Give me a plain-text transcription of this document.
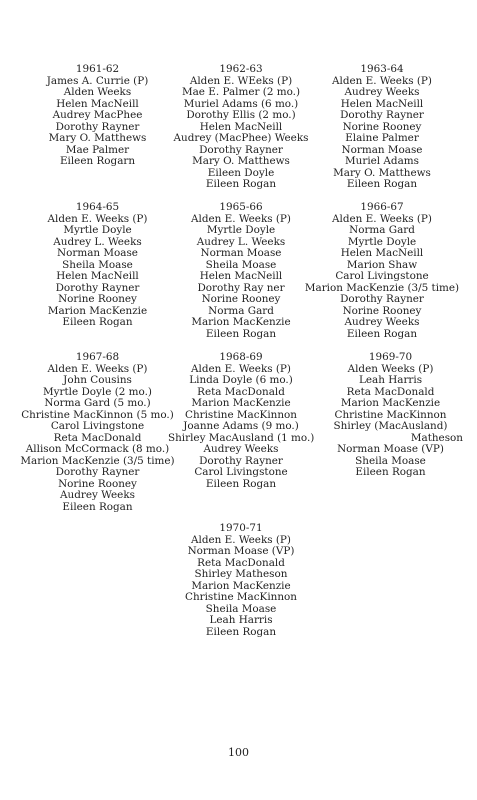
1961-62
James A. Currie (P)
Alden Weeks
Helen MacNeill
Audrey MacPhee
Dorothy Rayner
Mary O. Matthews
Mae Palmer
Eileen Rogarn
1962-63
Alden E. WEeks (P)
Mae E. Palmer (2 mo.)
Muriel Adams (6 mo.)
Dorothy Ellis (2 mo.)
Helen MacNeill
Audrey (MacPhee) Weeks
Dorothy Rayner
Mary O. Matthews
Eileen Doyle
Eileen Rogan
1963-64
Alden E. Weeks (P)
Audrey Weeks
Helen MacNeill
Dorothy Rayner
Norine Rooney
Elaine Palmer
Norman Moase
Muriel Adams
Mary O. Matthews
Eileen Rogan
1964-65
Alden E. Weeks (P)
Myrtle Doyle
Audrey L. Weeks
Norman Moase
Sheila Moase
Helen MacNeill
Dorothy Rayner
Norine Rooney
Marion MacKenzie
Eileen Rogan
1965-66
Alden E. Weeks (P)
Myrtle Doyle
Audrey L. Weeks
Norman Moase
Sheila Moase
Helen MacNeill
Dorothy Ray ner
Norine Rooney
Norma Gard
Marion MacKenzie
Eileen Rogan
1966-67
Alden E. Weeks (P)
Norma Gard
Myrtle Doyle
Helen MacNeill
Marion Shaw
Carol Livingstone
Marion MacKenzie (3/5 time)
Dorothy Rayner
Norine Rooney
Audrey Weeks
Eileen Rogan
1967-68
Alden E. Weeks (P)
John Cousins
Myrtle Doyle (2 mo.)
Norma Gard (5 mo.)
Christine MacKinnon (5 mo.)
Carol Livingstone
Reta MacDonald
Allison McCormack (8 mo.)
Marion MacKenzie (3/5 time)
Dorothy Rayner
Norine Rooney
Audrey Weeks
Eileen Rogan
1968-69
Alden E. Weeks (P)
Linda Doyle (6 mo.)
Reta MacDonald
Marion MacKenzie
Christine MacKinnon
Joanne Adams (9 mo.)
Shirley MacAusland (1 mo.)
Audrey Weeks
Dorothy Rayner
Carol Livingstone
Eileen Rogan
1969-70
Alden Weeks (P)
Leah Harris
Reta MacDonald
Marion MacKenzie
Christine MacKinnon
Shirley (MacAusland)
Matheson
Norman Moase (VP)
Sheila Moase
Eileen Rogan
1970-71
Alden E. Weeks (P)
Norman Moase (VP)
Reta MacDonald
Shirley Matheson
Marion MacKenzie
Christine MacKinnon
Sheila Moase
Leah Harris
Eileen Rogan
100
